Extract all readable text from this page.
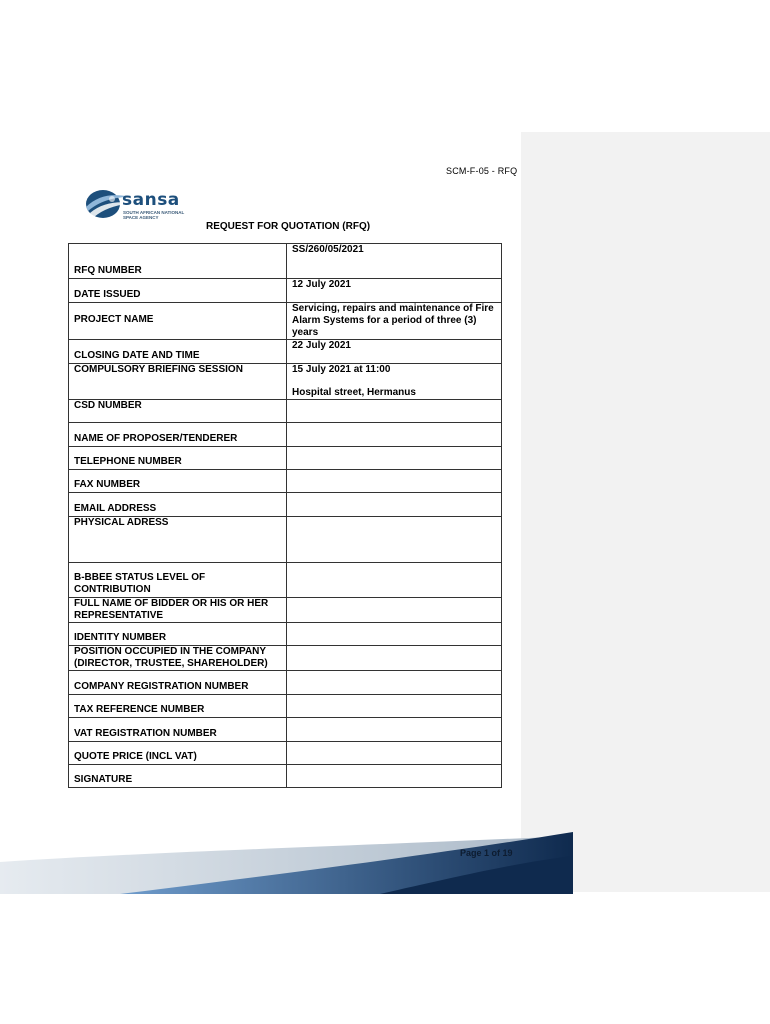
SCM-F-05 - RFQ
sansa
SOUTH AFRICAN NATIONAL
SPACE AGENCY
REQUEST FOR QUOTATION (RFQ)
RFQ NUMBER	SS/260/05/2021
DATE ISSUED	12 July 2021
PROJECT NAME	Servicing, repairs and maintenance of Fire Alarm Systems for a period of three (3) years
CLOSING DATE AND TIME	22 July 2021
COMPULSORY BRIEFING SESSION	15 July 2021 at 11:00
Hospital street, Hermanus

CSD NUMBER	
NAME OF PROPOSER/TENDERER	
TELEPHONE NUMBER	
FAX NUMBER	
EMAIL ADDRESS	
PHYSICAL ADRESS	
B-BBEE STATUS LEVEL OF CONTRIBUTION	
FULL NAME OF BIDDER OR HIS OR HER REPRESENTATIVE	
IDENTITY NUMBER	
POSITION OCCUPIED IN THE COMPANY (DIRECTOR, TRUSTEE, SHAREHOLDER)	
COMPANY REGISTRATION NUMBER	
TAX REFERENCE NUMBER	
VAT REGISTRATION NUMBER	
QUOTE PRICE (INCL VAT)	
SIGNATURE	
Page 1 of 19
